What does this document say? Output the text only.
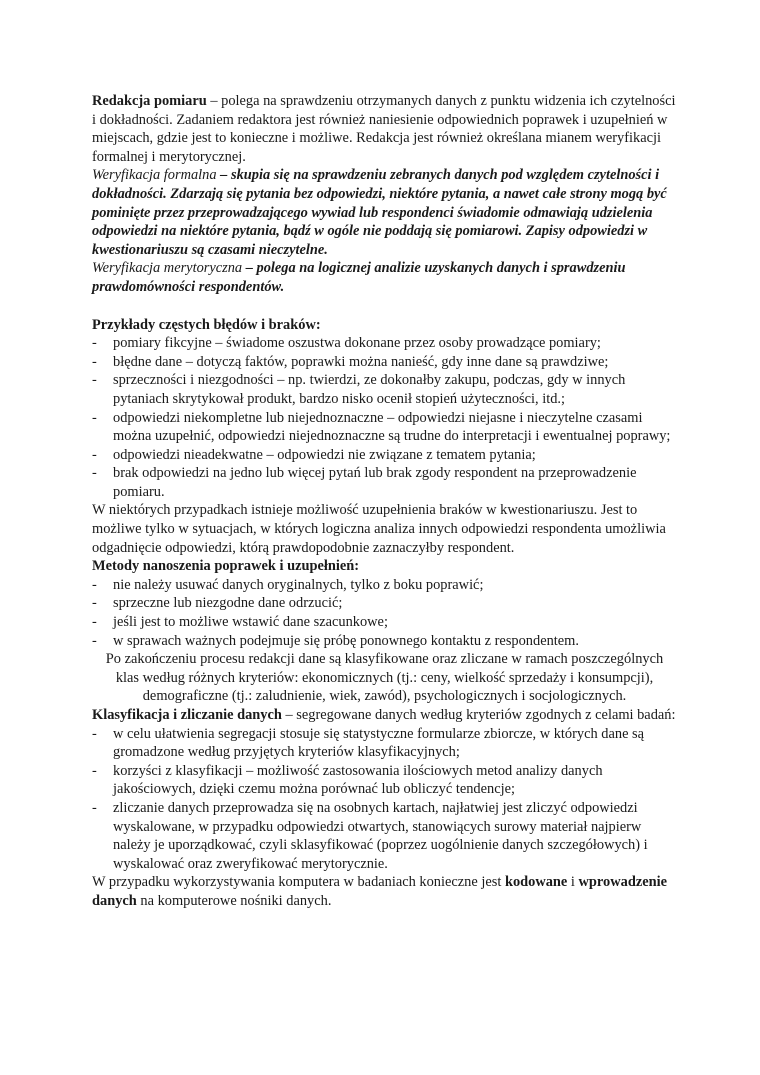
Redakcja pomiaru – polega na sprawdzeniu otrzymanych danych z punktu widzenia ich czytelności i dokładności. Zadaniem redaktora jest również naniesienie odpowiednich poprawek i uzupełnień w miejscach, gdzie jest to konieczne i możliwe. Redakcja jest również określana mianem weryfikacji formalnej i merytorycznej.

Weryfikacja formalna – skupia się na sprawdzeniu zebranych danych pod względem czytelności i dokładności. Zdarzają się pytania bez odpowiedzi, niektóre pytania, a nawet całe strony mogą być pominięte przez przeprowadzającego wywiad lub respondenci świadomie odmawiają udzielenia odpowiedzi na niektóre pytania, bądź w ogóle nie poddają się pomiarowi. Zapisy odpowiedzi w kwestionariuszu są czasami nieczytelne.

Weryfikacja merytoryczna – polega na logicznej analizie uzyskanych danych i sprawdzeniu prawdomówności respondentów.

Przykłady częstych błędów i braków:

- pomiary fikcyjne – świadome oszustwa dokonane przez osoby prowadzące pomiary;
- błędne dane – dotyczą faktów, poprawki można nanieść, gdy inne dane są prawdziwe;
- sprzeczności i niezgodności – np. twierdzi, ze dokonałby zakupu, podczas, gdy w innych pytaniach skrytykował produkt, bardzo nisko ocenił stopień użyteczności, itd.;
- odpowiedzi niekompletne lub niejednoznaczne – odpowiedzi niejasne i nieczytelne czasami można uzupełnić, odpowiedzi niejednoznaczne są trudne do interpretacji i ewentualnej poprawy;
- odpowiedzi nieadekwatne – odpowiedzi nie związane z tematem pytania;
- brak odpowiedzi na jedno lub więcej pytań lub brak zgody respondent na przeprowadzenie pomiaru.

W niektórych przypadkach istnieje możliwość uzupełnienia braków w kwestionariuszu. Jest to możliwe tylko w sytuacjach, w których logiczna analiza innych odpowiedzi respondenta umożliwia odgadnięcie odpowiedzi, którą prawdopodobnie zaznaczyłby respondent.

Metody nanoszenia poprawek i uzupełnień:

- nie należy usuwać danych oryginalnych, tylko z boku poprawić;
- sprzeczne lub niezgodne dane odrzucić;
- jeśli jest to możliwe wstawić dane szacunkowe;
- w sprawach ważnych podejmuje się próbę ponownego kontaktu z respondentem.

Po zakończeniu procesu redakcji dane są klasyfikowane oraz zliczane w ramach poszczególnych klas według różnych kryteriów: ekonomicznych (tj.: ceny, wielkość sprzedaży i konsumpcji), demograficzne (tj.: zaludnienie, wiek, zawód), psychologicznych i socjologicznych.

Klasyfikacja i zliczanie danych – segregowane danych według kryteriów zgodnych z celami badań:

- w celu ułatwienia segregacji stosuje się statystyczne formularze zbiorcze, w których dane są gromadzone według przyjętych kryteriów klasyfikacyjnych;
- korzyści z klasyfikacji – możliwość zastosowania ilościowych metod analizy danych jakościowych, dzięki czemu można porównać lub obliczyć tendencje;
- zliczanie danych przeprowadza się na osobnych kartach, najłatwiej jest zliczyć odpowiedzi wyskalowane, w przypadku odpowiedzi otwartych, stanowiących surowy materiał najpierw należy je uporządkować, czyli sklasyfikować (poprzez uogólnienie danych szczegółowych) i wyskalować oraz zweryfikować merytorycznie.

W przypadku wykorzystywania komputera w badaniach konieczne jest kodowane i wprowadzenie danych na komputerowe nośniki danych.
